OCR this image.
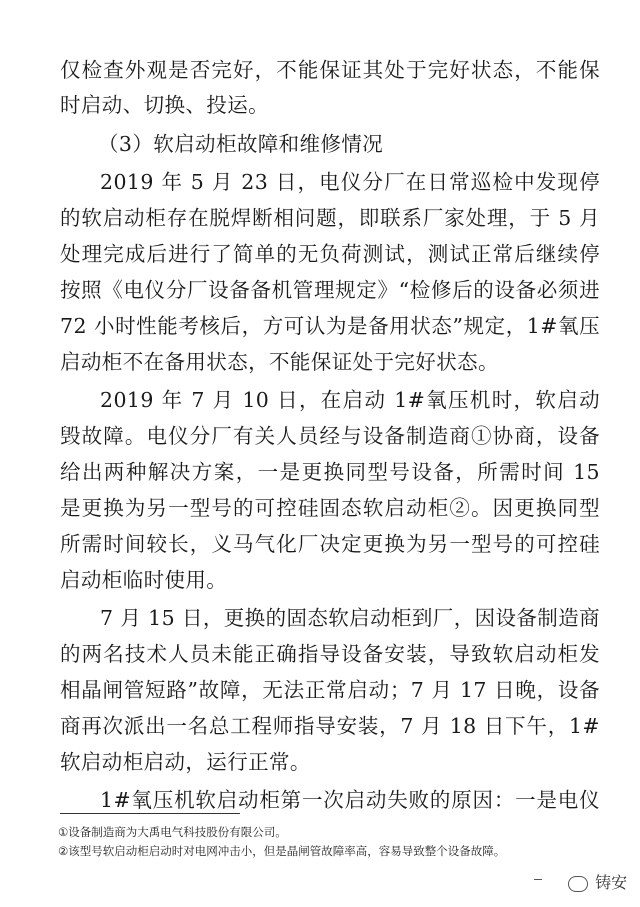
仅检查外观是否完好，不能保证其处于完好状态，不能保
时启动、切换、投运。
（3）软启动柜故障和维修情况
2019 年 5 月 23 日，电仪分厂在日常巡检中发现停
的软启动柜存在脱焊断相问题，即联系厂家处理，于 5 月
处理完成后进行了简单的无负荷测试，测试正常后继续停
按照《电仪分厂设备备机管理规定》“检修后的设备必须进
72 小时性能考核后，方可认为是备用状态”规定，1#氧压
启动柜不在备用状态，不能保证处于完好状态。
2019 年 7 月 10 日，在启动 1#氧压机时，软启动
毁故障。电仪分厂有关人员经与设备制造商①协商，设备
给出两种解决方案，一是更换同型号设备，所需时间 15
是更换为另一型号的可控硅固态软启动柜②。因更换同型
所需时间较长，义马气化厂决定更换为另一型号的可控硅
启动柜临时使用。
7 月 15 日，更换的固态软启动柜到厂，因设备制造商
的两名技术人员未能正确指导设备安装，导致软启动柜发
相晶闸管短路”故障，无法正常启动；7 月 17 日晚，设备
商再次派出一名总工程师指导安装，7 月 18 日下午，1#
软启动柜启动，运行正常。
1#氧压机软启动柜第一次启动失败的原因：一是电仪
①设备制造商为大禹电气科技股份有限公司。
②该型号软启动柜启动时对电网冲击小，但是晶闸管故障率高，容易导致整个设备故障。
铸安
